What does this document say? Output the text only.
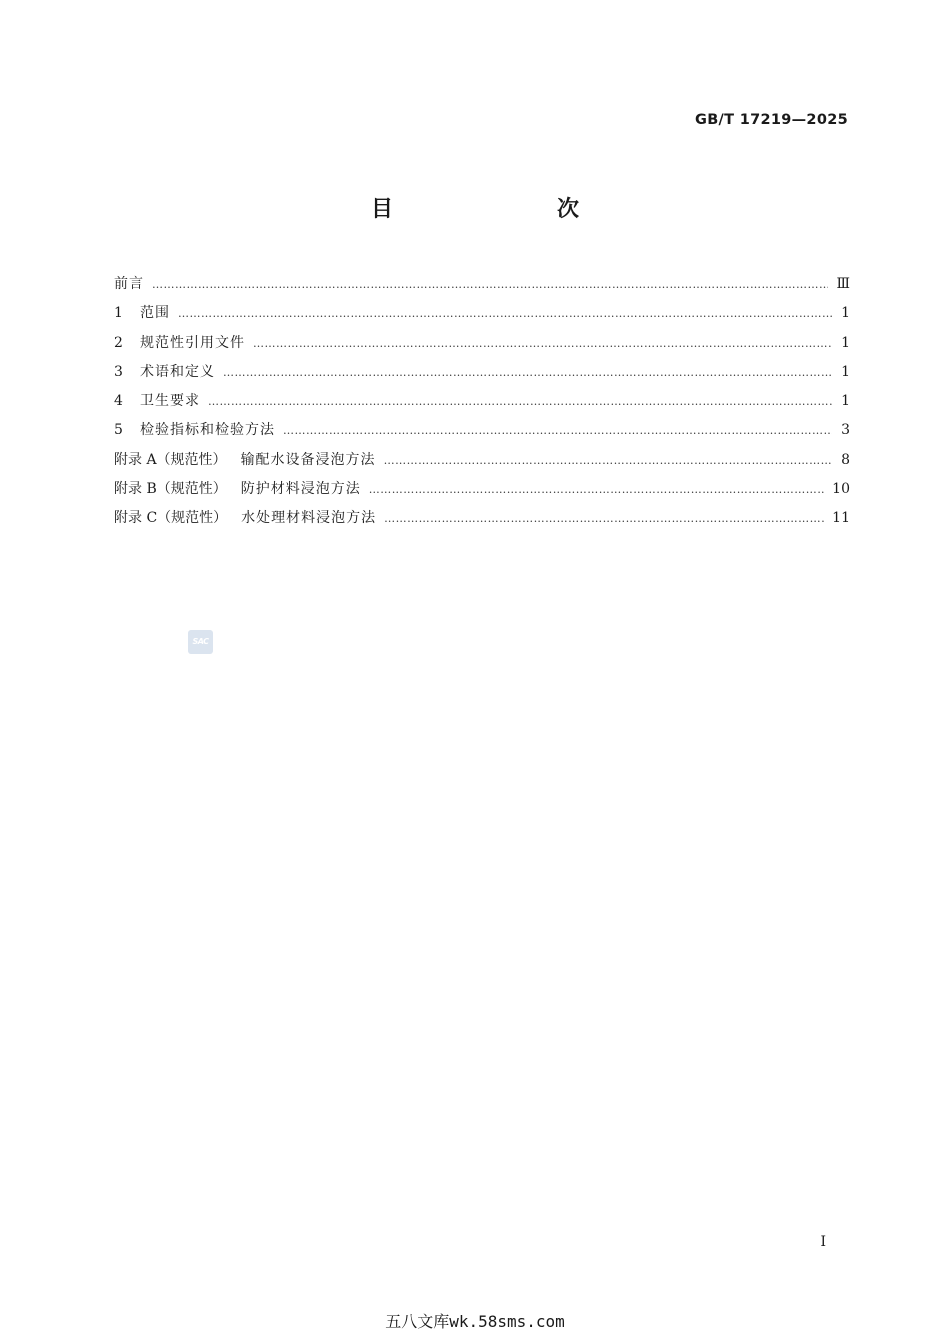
GB/T 17219—2025
目　　次
前言 ………………………………………………………………………………………………………………………………………………………………………………………………………………………………	Ⅲ
1	范围 ………………………………………………………………………………………………………………………………………………………………………………………………………………………………	1
2	规范性引用文件 ………………………………………………………………………………………………………………………………………………………………………………………………………………………………	1
3	术语和定义 ………………………………………………………………………………………………………………………………………………………………………………………………………………………………	1
4	卫生要求 ………………………………………………………………………………………………………………………………………………………………………………………………………………………………	1
5	检验指标和检验方法 ………………………………………………………………………………………………………………………………………………………………………………………………………………………………	3
附录 A（规范性） 输配水设备浸泡方法 ………………………………………………………………………………………………………………………………………………………………………………………………………………………………	8
附录 B（规范性） 防护材料浸泡方法 ………………………………………………………………………………………………………………………………………………………………………………………………………………………………	10
附录 C（规范性） 水处理材料浸泡方法 ………………………………………………………………………………………………………………………………………………………………………………………………………………………………	11
SAC
I
五八文库wk.58sms.com
